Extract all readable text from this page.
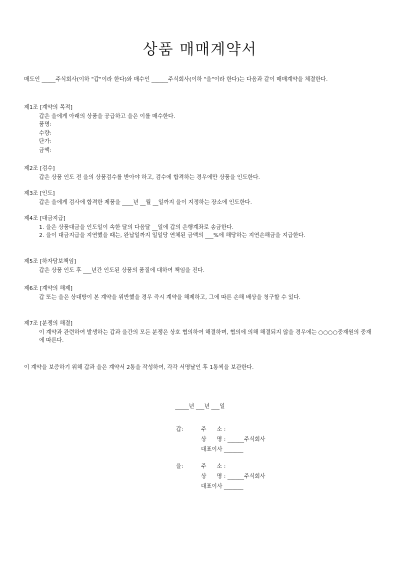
상품 매매계약서
매도인 _____주식회사(이하 "갑"이라 한다)와 매수인 ______주식회사(이하 "을"이라 한다)는 다음과 같이 매매계약을 체결한다.
제1조 [계약의 목적]
갑은 을에게 아래의 상품을 공급하고 을은 이를 매수한다.
품명:
수량:
단가:
금액:
제2조 [검수]
갑은 상품 인도 전 을의 상품검수를 받아야 하고, 검수에 합격하는 경우에만 상품을 인도한다.
제3조 [인도]
갑은 을에게 검사에 합격한 제품을 ____년 __월 __일까지 을이 지정하는 장소에 인도한다.
제4조 [대금지급]
1. 을은 상품대금을 인도일이 속한 달의 다음달 __일에 갑의 은행계좌로 송금한다.
2. 을이 대금지급을 지연했을 때는, 완납일까지 일일당 연체된 금액의 ___%에 해당하는 지연손해금을 지급한다.
제5조 [하자담보책임]
갑은 상품 인도 후 ___년간 인도된 상품의 품질에 대하여 책임을 진다.
제6조 [계약의 해제]
갑 또는 을은 상대방이 본 계약을 위반했을 경우 즉시 계약을 해제하고, 그에 따른 손해 배상을 청구할 수 있다.
제7조 [분쟁의 해결]
이 계약과 관련하여 발생하는 갑과 을간의 모든 분쟁은 상호 협의하여 해결하며, 협의에 의해 해결되지 않을 경우에는 ○○○○중재원의 중재에 따른다.
이 계약을 보증하기 위해 갑과 을은 계약서 2통을 작성하여, 각각 서명날인 후 1통씩을 보관한다.
_____년 ___년 ___일
갑:	주      소 :
상      명 : ______주식회사
대표이사 _______
을:	주      소 :
상      명 : ______주식회사
대표이사 _______
